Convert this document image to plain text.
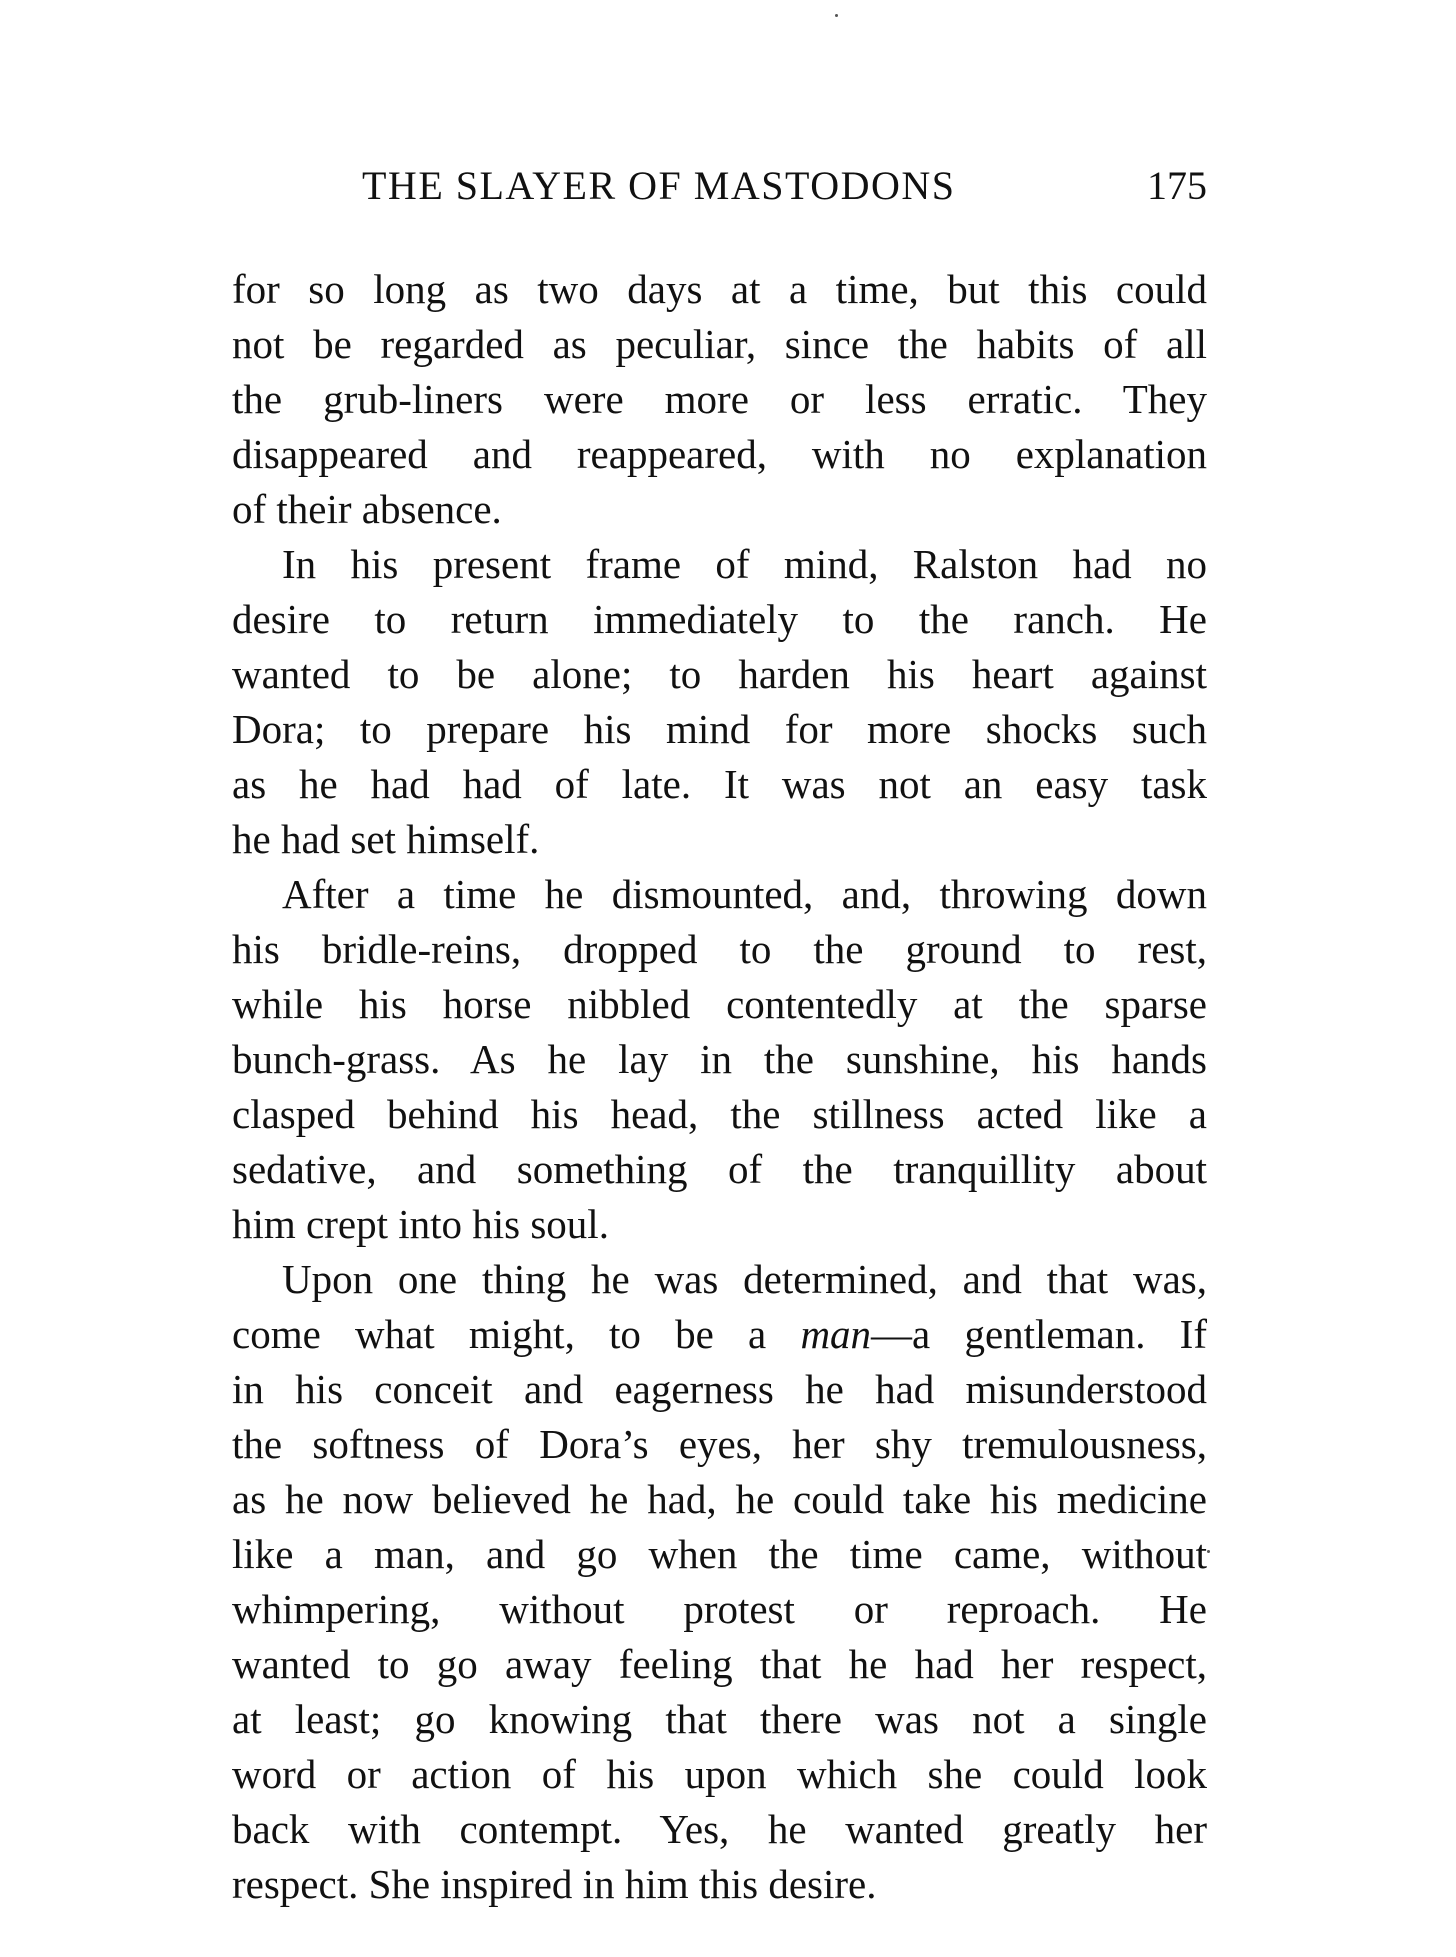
THE SLAYER OF MASTODONS	175
for so long as two days at a time, but this could
not be regarded as peculiar, since the habits of all
the grub-liners were more or less erratic. They
disappeared and reappeared, with no explanation
of their absence.
In his present frame of mind, Ralston had no
desire to return immediately to the ranch. He
wanted to be alone; to harden his heart against
Dora; to prepare his mind for more shocks such
as he had had of late. It was not an easy task
he had set himself.
After a time he dismounted, and, throwing down
his bridle-reins, dropped to the ground to rest,
while his horse nibbled contentedly at the sparse
bunch-grass. As he lay in the sunshine, his hands
clasped behind his head, the stillness acted like a
sedative, and something of the tranquillity about
him crept into his soul.
Upon one thing he was determined, and that was,
come what might, to be a man—a gentleman. If
in his conceit and eagerness he had misunderstood
the softness of Dora’s eyes, her shy tremulousness,
as he now believed he had, he could take his medicine
like a man, and go when the time came, without
whimpering, without protest or reproach. He
wanted to go away feeling that he had her respect,
at least; go knowing that there was not a single
word or action of his upon which she could look
back with contempt. Yes, he wanted greatly her
respect. She inspired in him this desire.
